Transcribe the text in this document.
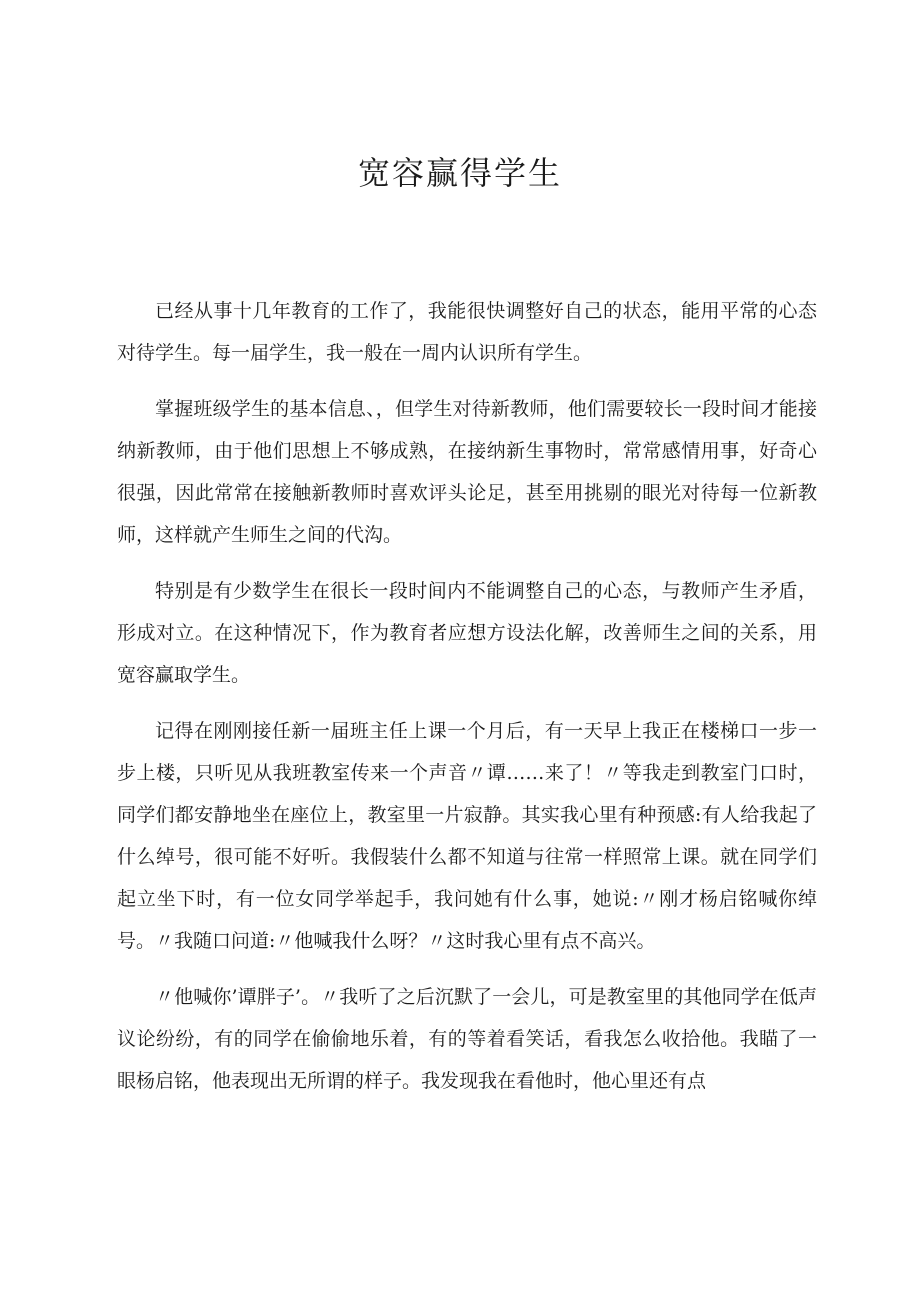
宽容赢得学生

已经从事十几年教育的工作了，我能很快调整好自己的状态，能用平常的心态对待学生。每一届学生，我一般在一周内认识所有学生。

掌握班级学生的基本信息、，但学生对待新教师，他们需要较长一段时间才能接纳新教师，由于他们思想上不够成熟，在接纳新生事物时，常常感情用事，好奇心很强，因此常常在接触新教师时喜欢评头论足，甚至用挑剔的眼光对待每一位新教师，这样就产生师生之间的代沟。

特别是有少数学生在很长一段时间内不能调整自己的心态，与教师产生矛盾，形成对立。在这种情况下，作为教育者应想方设法化解，改善师生之间的关系，用宽容赢取学生。

记得在刚刚接任新一届班主任上课一个月后，有一天早上我正在楼梯口一步一步上楼，只听见从我班教室传来一个声音〃谭……来了！〃等我走到教室门口时，同学们都安静地坐在座位上，教室里一片寂静。其实我心里有种预感:有人给我起了什么绰号，很可能不好听。我假装什么都不知道与往常一样照常上课。就在同学们起立坐下时，有一位女同学举起手，我问她有什么事，她说:〃刚才杨启铭喊你绰号。〃我随口问道:〃他喊我什么呀？〃这时我心里有点不高兴。

〃他喊你’谭胖子’。〃我听了之后沉默了一会儿，可是教室里的其他同学在低声议论纷纷，有的同学在偷偷地乐着，有的等着看笑话，看我怎么收拾他。我瞄了一眼杨启铭，他表现出无所谓的样子。我发现我在看他时，他心里还有点
